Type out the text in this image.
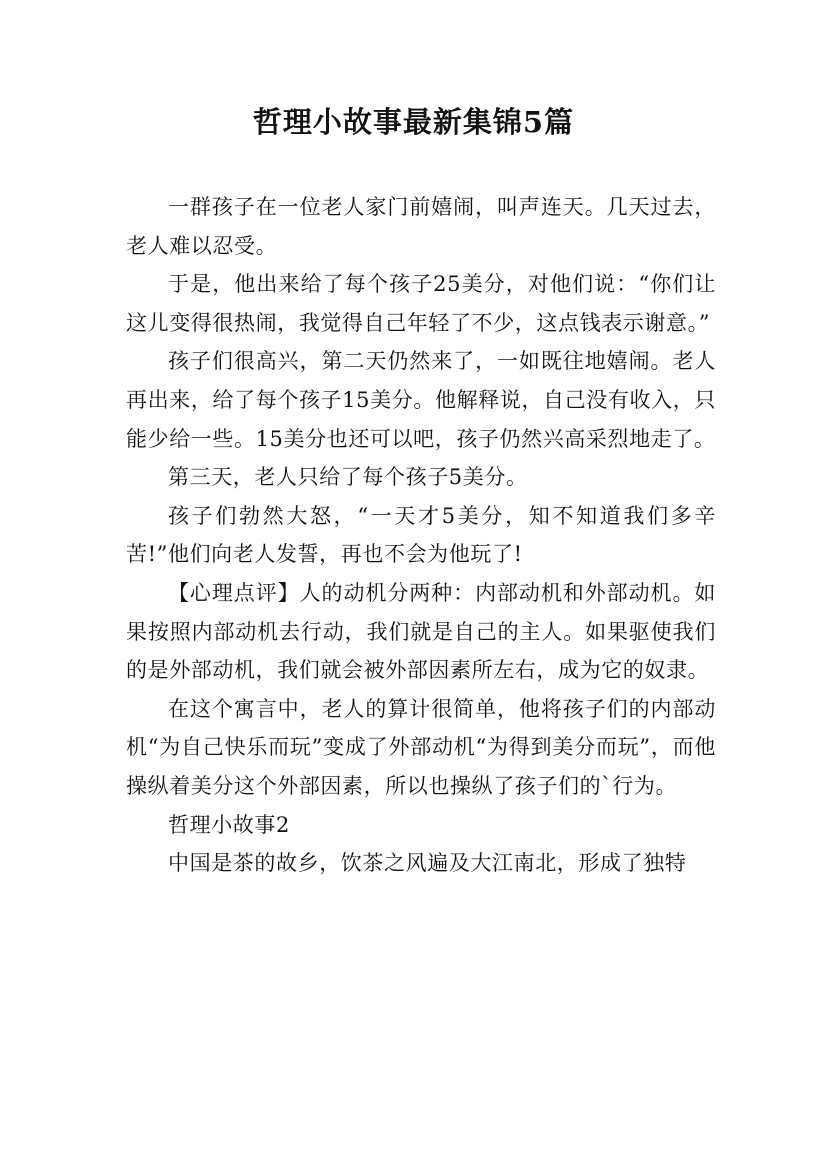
哲理小故事最新集锦5篇

一群孩子在一位老人家门前嬉闹，叫声连天。几天过去，老人难以忍受。

于是，他出来给了每个孩子25美分，对他们说：“你们让这儿变得很热闹，我觉得自己年轻了不少，这点钱表示谢意。”

孩子们很高兴，第二天仍然来了，一如既往地嬉闹。老人再出来，给了每个孩子15美分。他解释说，自己没有收入，只能少给一些。15美分也还可以吧，孩子仍然兴高采烈地走了。

第三天，老人只给了每个孩子5美分。

孩子们勃然大怒，“一天才5美分，知不知道我们多辛苦!”他们向老人发誓，再也不会为他玩了!

【心理点评】人的动机分两种：内部动机和外部动机。如果按照内部动机去行动，我们就是自己的主人。如果驱使我们的是外部动机，我们就会被外部因素所左右，成为它的奴隶。

在这个寓言中，老人的算计很简单，他将孩子们的内部动机“为自己快乐而玩”变成了外部动机“为得到美分而玩”，而他操纵着美分这个外部因素，所以也操纵了孩子们的`行为。

哲理小故事2

中国是茶的故乡，饮茶之风遍及大江南北，形成了独特
